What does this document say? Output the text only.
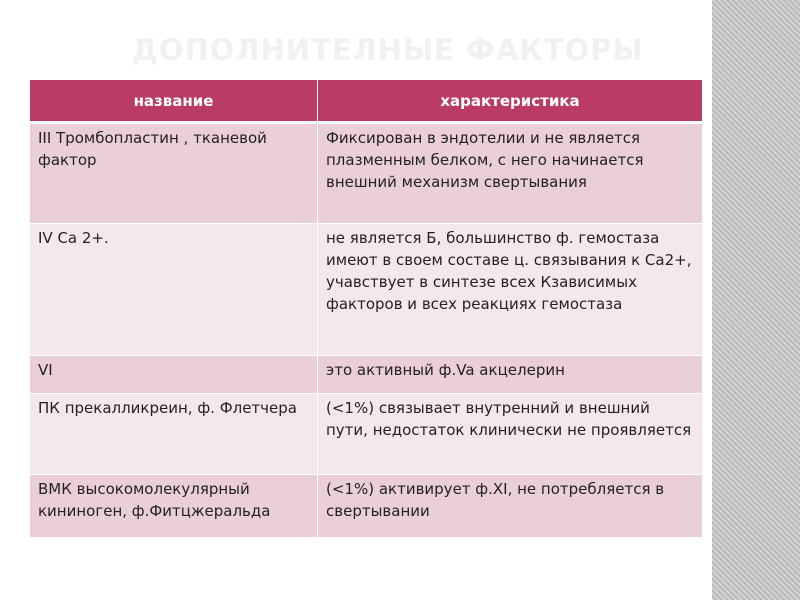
ДОПОЛНИТЕЛНЫЕ ФАКТОРЫ
название	характеристика
III Тромбопластин , тканевой фактор	Фиксирован в эндотелии и не является плазменным белком, с него начинается внешний механизм свертывания
IV Ca 2+.	не является Б, большинство ф. гемостаза имеют в своем составе ц. связывания к Са2+, учавствует в синтезе всех Кзависимых факторов и всех реакциях гемостаза
VI	это активный ф.Va акцелерин
ПК прекалликреин, ф. Флетчера	(<1%) связывает внутренний и внешний пути, недостаток клинически не проявляется
ВМК высокомолекулярный кининоген, ф.Фитцжеральда	(<1%) активирует ф.XI, не потребляется в свертывании
